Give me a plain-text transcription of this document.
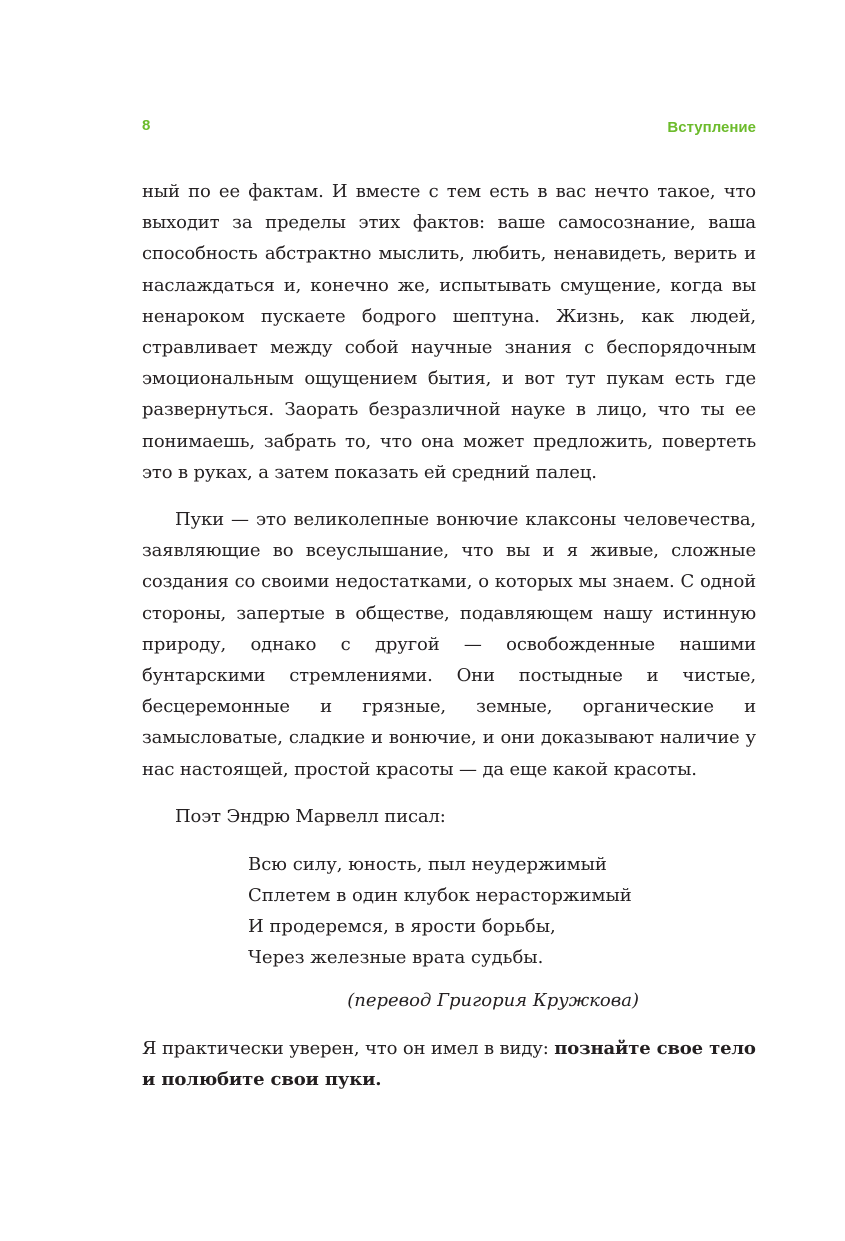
8	Вступление

ный по ее фактам. И вместе с тем есть в вас нечто такое, что выходит за пределы этих фактов: ваше самосознание, ваша способность абстрактно мыслить, любить, ненавидеть, верить и наслаждаться и, конечно же, испытывать смущение, когда вы ненароком пускаете бодрого шептуна. Жизнь, как людей, стравливает между собой научные знания с беспорядочным эмоциональным ощущением бытия, и вот тут пукам есть где развернуться. Заорать безразличной науке в лицо, что ты ее понимаешь, забрать то, что она может предложить, повертеть это в руках, а затем показать ей средний палец.

Пуки — это великолепные вонючие клаксоны человечества, заявляющие во всеуслышание, что вы и я живые, сложные создания со своими недостатками, о которых мы знаем. С одной стороны, запертые в обществе, подавляющем нашу истинную природу, однако с другой — освобожденные нашими бунтарскими стремлениями. Они постыдные и чистые, бесцеремонные и грязные, земные, органические и замысловатые, сладкие и вонючие, и они доказывают наличие у нас настоящей, простой красоты — да еще какой красоты.

Поэт Эндрю Марвелл писал:

Всю силу, юность, пыл неудержимый
Сплетем в один клубок нерасторжимый
И продеремся, в ярости борьбы,
Через железные врата судьбы.
(перевод Григория Кружкова)

Я практически уверен, что он имел в виду: познайте свое тело и полюбите свои пуки.
